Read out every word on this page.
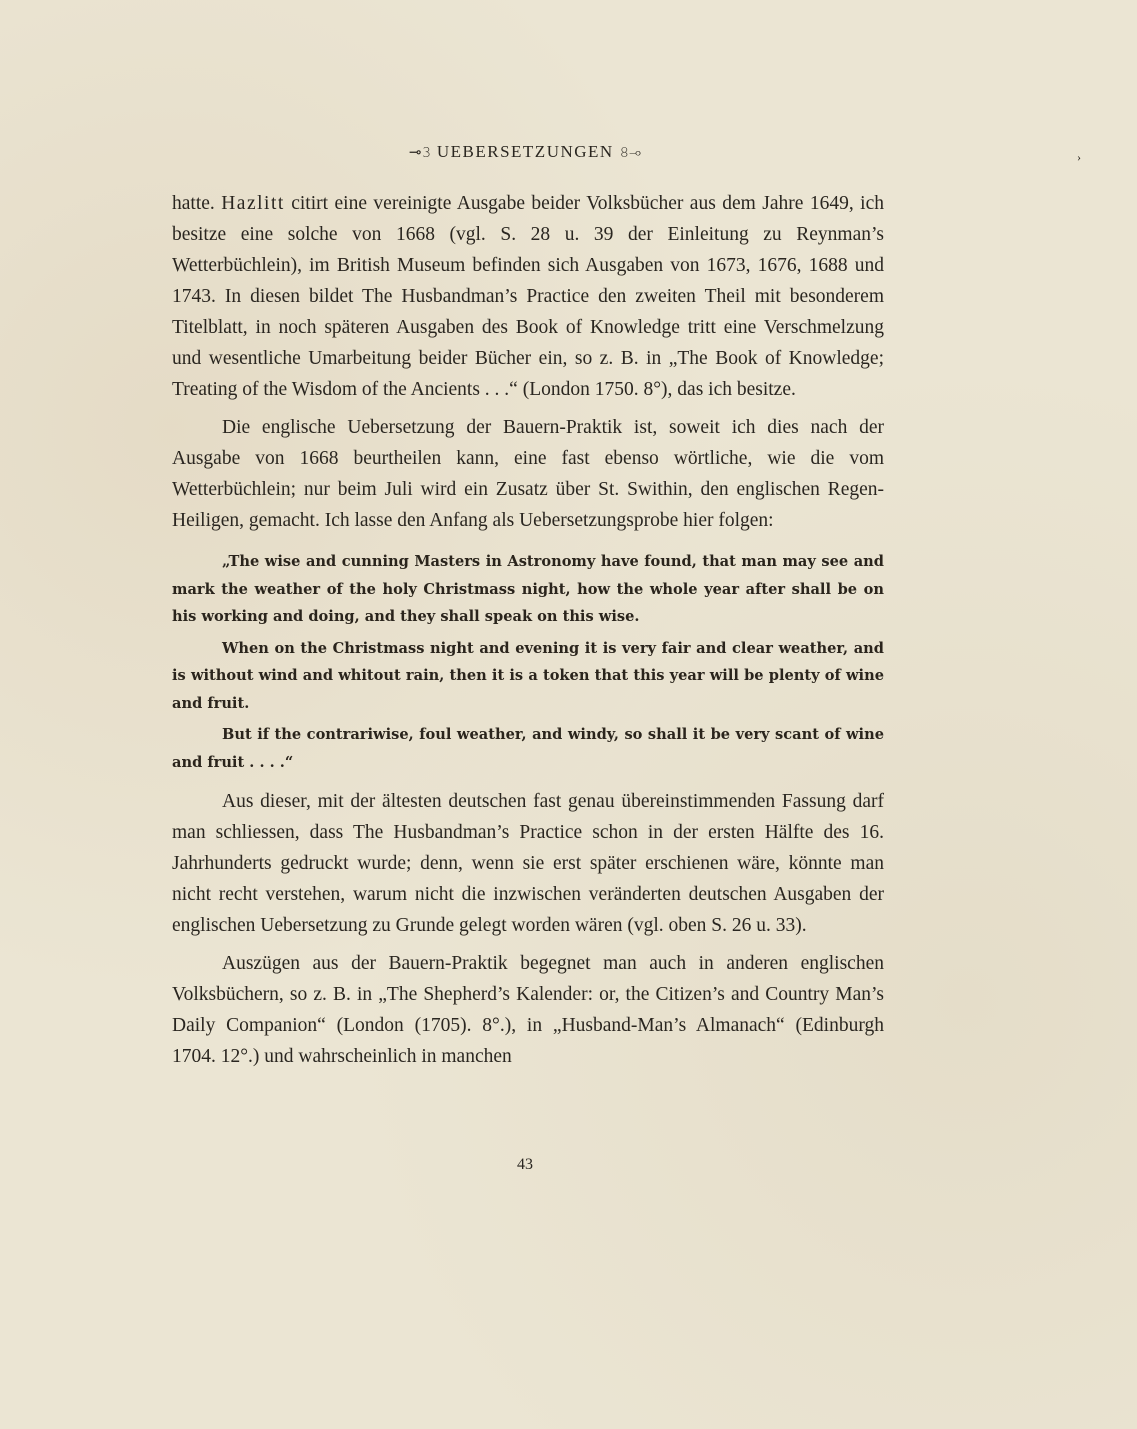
⊸𝟹 UEBERSETZUNGEN 𝟾⊸	›

hatte. Hazlitt citirt eine vereinigte Ausgabe beider Volksbücher aus dem Jahre 1649, ich besitze eine solche von 1668 (vgl. S. 28 u. 39 der Einleitung zu Reynman’s Wetterbüchlein), im British Museum befinden sich Ausgaben von 1673, 1676, 1688 und 1743. In diesen bildet The Husbandman’s Practice den zweiten Theil mit besonderem Titelblatt, in noch späteren Ausgaben des Book of Knowledge tritt eine Verschmelzung und wesentliche Umarbeitung beider Bücher ein, so z. B. in „The Book of Knowledge; Treating of the Wisdom of the Ancients . . .“ (London 1750. 8°), das ich besitze.

Die englische Uebersetzung der Bauern-Praktik ist, soweit ich dies nach der Ausgabe von 1668 beurtheilen kann, eine fast ebenso wörtliche, wie die vom Wetterbüchlein; nur beim Juli wird ein Zusatz über St. Swithin, den englischen Regen-Heiligen, gemacht. Ich lasse den Anfang als Uebersetzungsprobe hier folgen:

„The wise and cunning Masters in Astronomy have found, that man may see and mark the weather of the holy Christmass night, how the whole year after shall be on his working and doing, and they shall speak on this wise.

When on the Christmass night and evening it is very fair and clear weather, and is without wind and whitout rain, then it is a token that this year will be plenty of wine and fruit.

But if the contrariwise, foul weather, and windy, so shall it be very scant of wine and fruit . . . .“

Aus dieser, mit der ältesten deutschen fast genau übereinstimmenden Fassung darf man schliessen, dass The Husbandman’s Practice schon in der ersten Hälfte des 16. Jahrhunderts gedruckt wurde; denn, wenn sie erst später erschienen wäre, könnte man nicht recht verstehen, warum nicht die inzwischen veränderten deutschen Ausgaben der englischen Uebersetzung zu Grunde gelegt worden wären (vgl. oben S. 26 u. 33).

Auszügen aus der Bauern-Praktik begegnet man auch in anderen englischen Volksbüchern, so z. B. in „The Shepherd’s Kalender: or, the Citizen’s and Country Man’s Daily Companion“ (London (1705). 8°.), in „Husband-Man’s Almanach“ (Edinburgh 1704. 12°.) und wahrscheinlich in manchen

43
